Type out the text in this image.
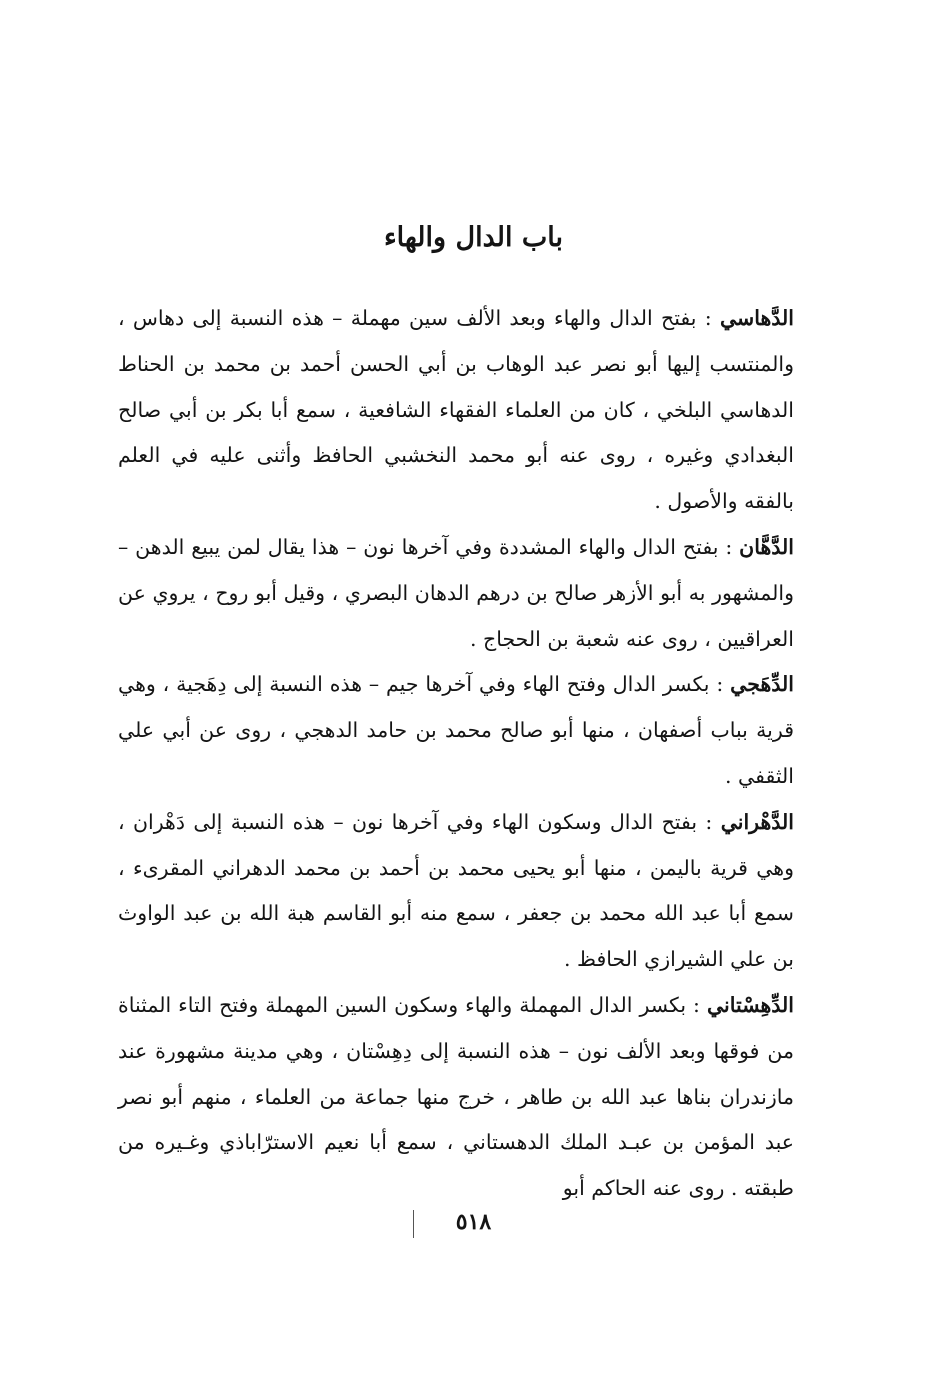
باب الدال والهاء

الدَّهاسي : بفتح الدال والهاء وبعد الألف سين مهملة – هذه النسبة إلى دهاس ، والمنتسب إليها أبو نصر عبد الوهاب بن أبي الحسن أحمد بن محمد بن الحناط الدهاسي البلخي ، كان من العلماء الفقهاء الشافعية ، سمع أبا بكر بن أبي صالح البغدادي وغيره ، روى عنه أبو محمد النخشبي الحافظ وأثنى عليه في العلم بالفقه والأصول .

الدَّهَّان : بفتح الدال والهاء المشددة وفي آخرها نون – هذا يقال لمن يبيع الدهن – والمشهور به أبو الأزهر صالح بن درهم الدهان البصري ، وقيل أبو روح ، يروي عن العراقيين ، روى عنه شعبة بن الحجاج .

الدِّهَجي : بكسر الدال وفتح الهاء وفي آخرها جيم – هذه النسبة إلى دِهَجية ، وهي قرية بباب أصفهان ، منها أبو صالح محمد بن حامد الدهجي ، روى عن أبي علي الثقفي .

الدَّهْراني : بفتح الدال وسكون الهاء وفي آخرها نون – هذه النسبة إلى دَهْران ، وهي قرية باليمن ، منها أبو يحيى محمد بن أحمد بن محمد الدهراني المقرىء ، سمع أبا عبد الله محمد بن جعفر ، سمع منه أبو القاسم هبة الله بن عبد الواوث بن علي الشيرازي الحافظ .

الدِّهِسْتاني : بكسر الدال المهملة والهاء وسكون السين المهملة وفتح التاء المثناة من فوقها وبعد الألف نون – هذه النسبة إلى دِهِسْتان ، وهي مدينة مشهورة عند مازندران بناها عبد الله بن طاهر ، خرج منها جماعة من العلماء ، منهم أبو نصر عبد المؤمن بن عبـد الملك الدهستاني ، سمع أبا نعيم الاسترّاباذي وغـيره من طبقته . روى عنه الحاكم أبو

٥١٨
